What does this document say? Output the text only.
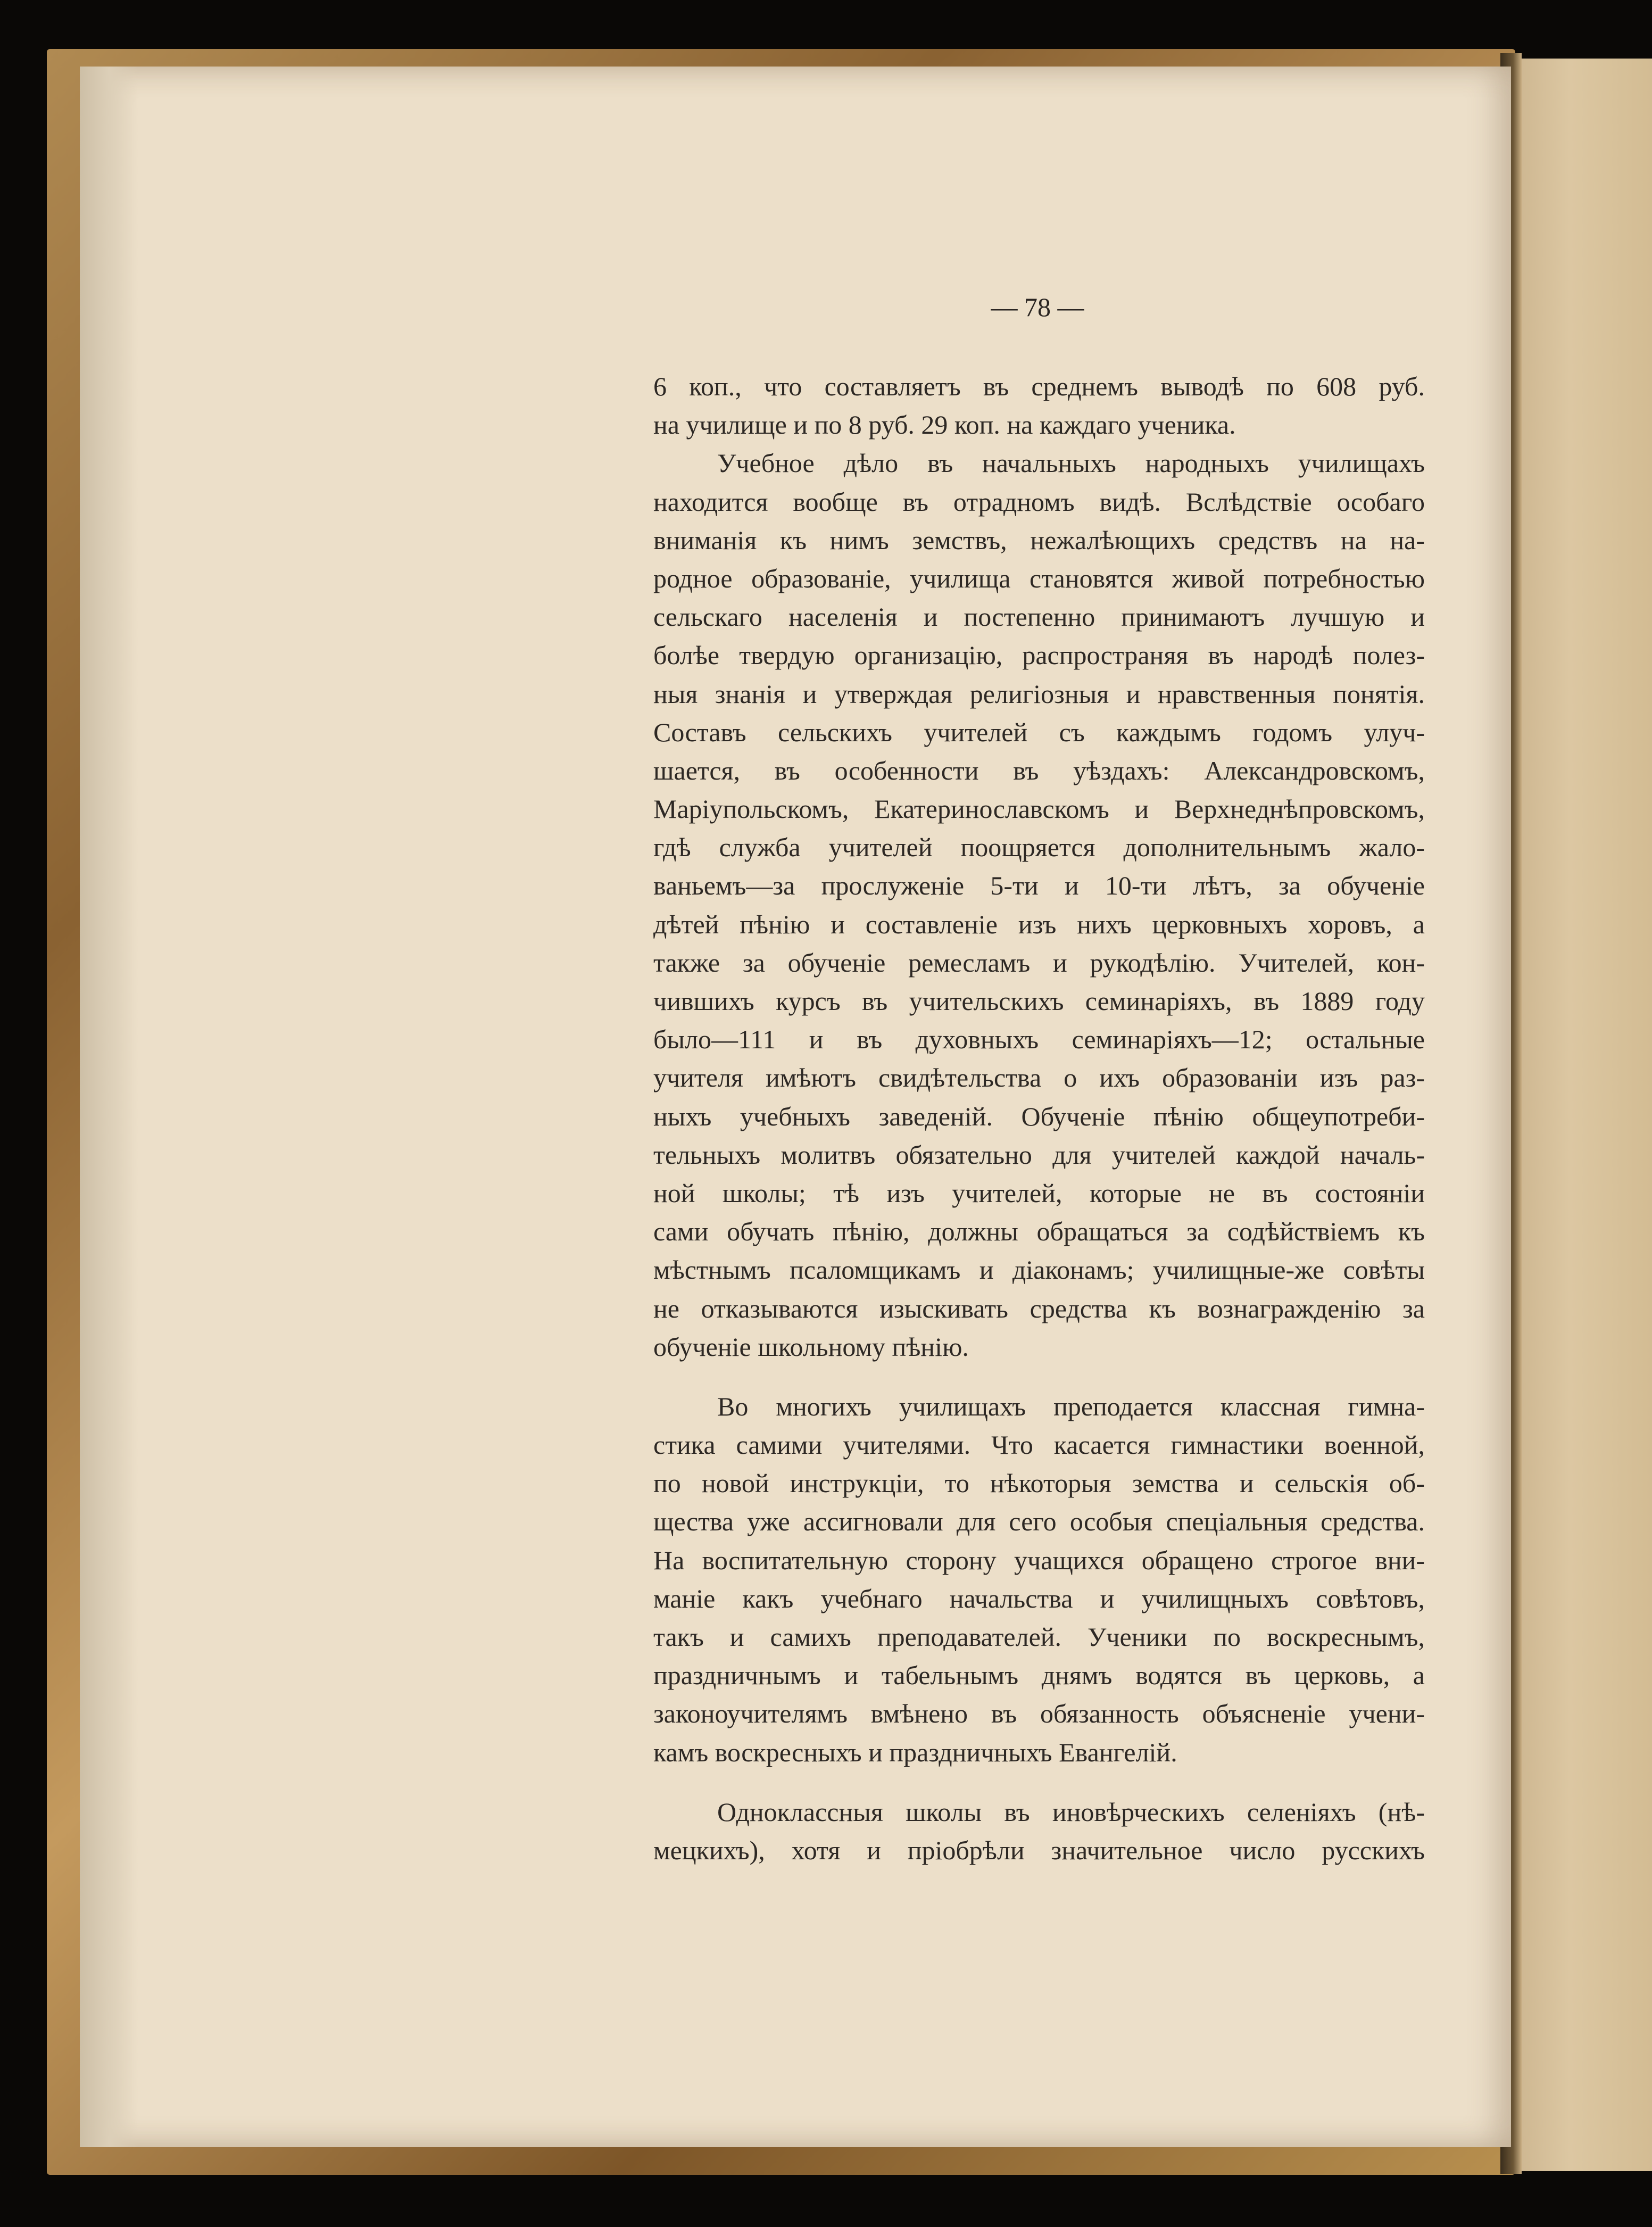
— 78 —
6 коп., что составляетъ въ среднемъ выводѣ по 608 руб.
на училище и по 8 руб. 29 коп. на каждаго ученика.
Учебное дѣло въ начальныхъ народныхъ училищахъ
находится вообще въ отрадномъ видѣ. Вслѣдствіе особаго
вниманія къ нимъ земствъ, нежалѣющихъ средствъ на на-
родное образованіе, училища становятся живой потребностью
сельскаго населенія и постепенно принимаютъ лучшую и
болѣе твердую организацію, распространяя въ народѣ полез-
ныя знанія и утверждая религіозныя и нравственныя понятія.
Составъ сельскихъ учителей съ каждымъ годомъ улуч-
шается, въ особенности въ уѣздахъ: Александровскомъ,
Маріупольскомъ, Екатеринославскомъ и Верхнеднѣпровскомъ,
гдѣ служба учителей поощряется дополнительнымъ жало-
ваньемъ—за прослуженіе 5-ти и 10-ти лѣтъ, за обученіе
дѣтей пѣнію и составленіе изъ нихъ церковныхъ хоровъ, а
также за обученіе ремесламъ и рукодѣлію. Учителей, кон-
чившихъ курсъ въ учительскихъ семинаріяхъ, въ 1889 году
было—111 и въ духовныхъ семинаріяхъ—12; остальные
учителя имѣютъ свидѣтельства о ихъ образованіи изъ раз-
ныхъ учебныхъ заведеній. Обученіе пѣнію общеупотреби-
тельныхъ молитвъ обязательно для учителей каждой началь-
ной школы; тѣ изъ учителей, которые не въ состояніи
сами обучать пѣнію, должны обращаться за содѣйствіемъ къ
мѣстнымъ псаломщикамъ и діаконамъ; училищные-же совѣты
не отказываются изыскивать средства къ вознагражденію за
обученіе школьному пѣнію.
Во многихъ училищахъ преподается классная гимна-
стика самими учителями. Что касается гимнастики военной,
по новой инструкціи, то нѣкоторыя земства и сельскія об-
щества уже ассигновали для сего особыя спеціальныя средства.
На воспитательную сторону учащихся обращено строгое вни-
маніе какъ учебнаго начальства и училищныхъ совѣтовъ,
такъ и самихъ преподавателей. Ученики по воскреснымъ,
праздничнымъ и табельнымъ днямъ водятся въ церковь, а
законоучителямъ вмѣнено въ обязанность объясненіе учени-
камъ воскресныхъ и праздничныхъ Евангелій.
Одноклассныя школы въ иновѣрческихъ селеніяхъ (нѣ-
мецкихъ), хотя и пріобрѣли значительное число русскихъ
